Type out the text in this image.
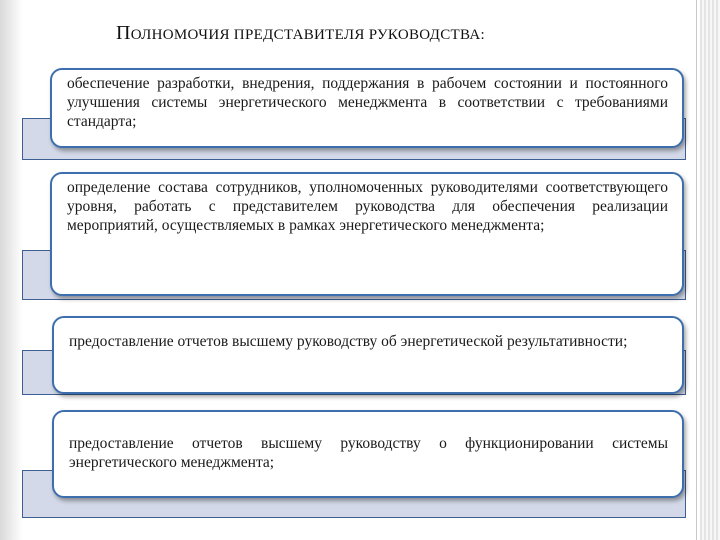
ПОЛНОМОЧИЯ ПРЕДСТАВИТЕЛЯ РУКОВОДСТВА:

обеспечение разработки, внедрения, поддержания в рабочем состоянии и постоянного улучшения системы энергетического менеджмента в соответствии с требованиями стандарта;

определение состава сотрудников, уполномоченных руководителями соответствующего уровня, работать с представителем руководства для обеспечения реализации мероприятий, осуществляемых в рамках энергетического менеджмента;

предоставление отчетов высшему руководству об энергетической результативности;

предоставление отчетов высшему руководству о функционировании системы энергетического менеджмента;
